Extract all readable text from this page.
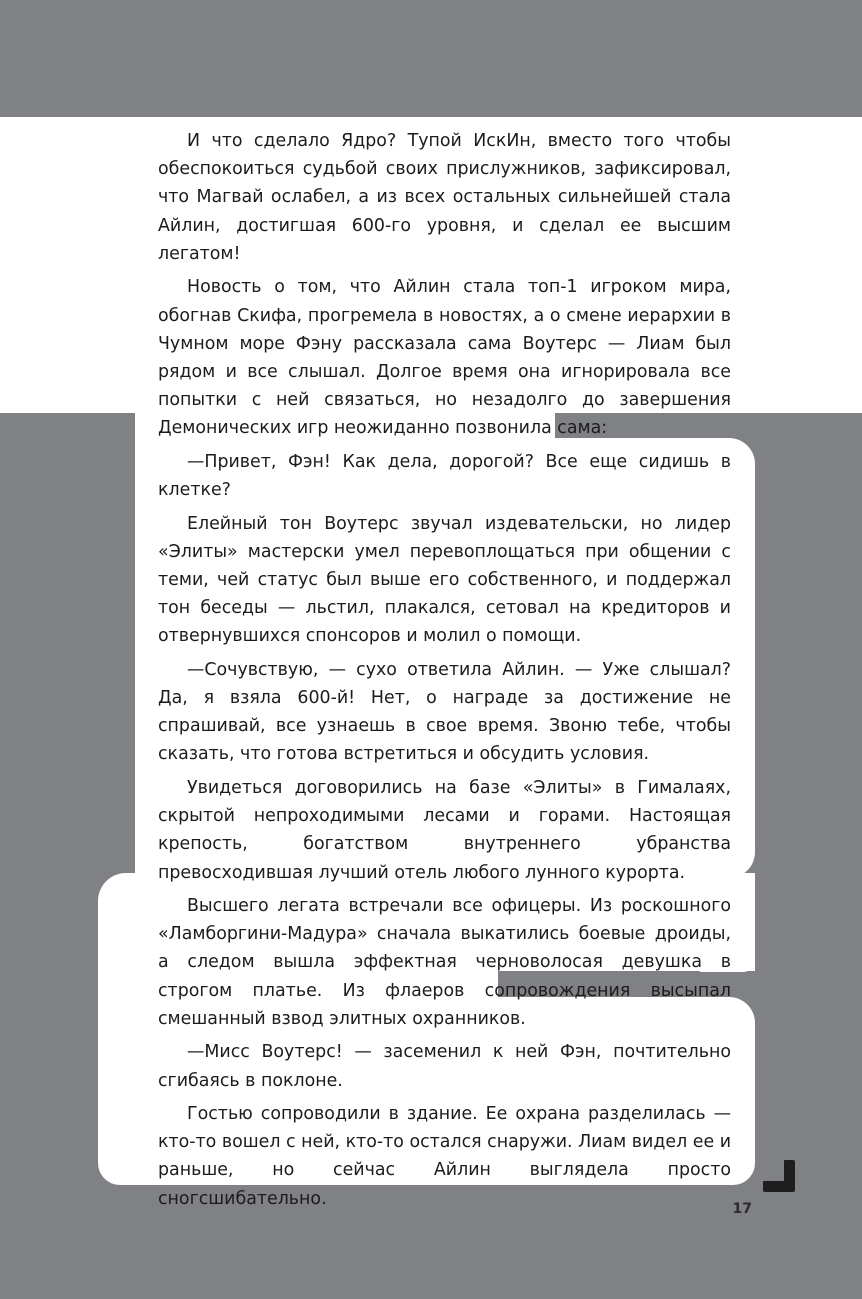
И что сделало Ядро? Тупой ИскИн, вместо того чтобы обеспокоиться судьбой своих прислужников, зафиксировал, что Магвай ослабел, а из всех остальных сильнейшей стала Айлин, достигшая 600-го уровня, и сделал ее высшим легатом!

Новость о том, что Айлин стала топ-1 игроком мира, обогнав Скифа, прогремела в новостях, а о смене иерархии в Чумном море Фэну рассказала сама Воутерс — Лиам был рядом и все слышал. Долгое время она игнорировала все попытки с ней связаться, но незадолго до завершения Демонических игр неожиданно позвонила сама:

—Привет, Фэн! Как дела, дорогой? Все еще сидишь в клетке?

Елейный тон Воутерс звучал издевательски, но лидер «Элиты» мастерски умел перевоплощаться при общении с теми, чей статус был выше его собственного, и поддержал тон беседы — льстил, плакался, сетовал на кредиторов и отвернувшихся спонсоров и молил о помощи.

—Сочувствую, — сухо ответила Айлин. — Уже слышал? Да, я взяла 600-й! Нет, о награде за достижение не спрашивай, все узнаешь в свое время. Звоню тебе, чтобы сказать, что готова встретиться и обсудить условия.

Увидеться договорились на базе «Элиты» в Гималаях, скрытой непроходимыми лесами и горами. Настоящая крепость, богатством внутреннего убранства превосходившая лучший отель любого лунного курорта.

Высшего легата встречали все офицеры. Из роскошного «Ламборгини-Мадура» сначала выкатились боевые дроиды, а следом вышла эффектная черноволосая девушка в строгом платье. Из флаеров сопровождения высыпал смешанный взвод элитных охранников.

—Мисс Воутерс! — засеменил к ней Фэн, почтительно сгибаясь в поклоне.

Гостью сопроводили в здание. Ее охрана разделилась — кто-то вошел с ней, кто-то остался снаружи. Лиам видел ее и раньше, но сейчас Айлин выглядела просто сногсшибательно.

17
